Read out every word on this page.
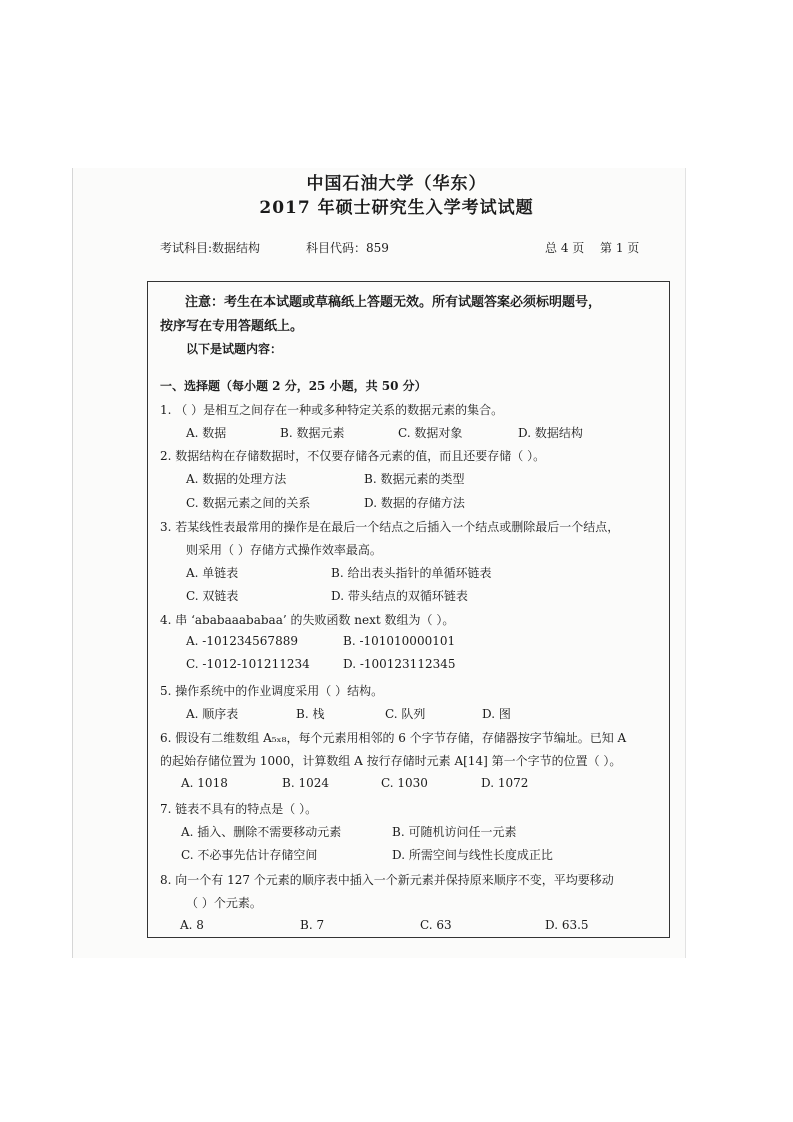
中国石油大学（华东）
2017 年硕士研究生入学考试试题
考试科目:数据结构	科目代码：859	总 4 页 第 1 页
注意：考生在本试题或草稿纸上答题无效。所有试题答案必须标明题号，
按序写在专用答题纸上。
以下是试题内容：
一、选择题（每小题 2 分，25 小题，共 50 分）
1. （ ）是相互之间存在一种或多种特定关系的数据元素的集合。
A. 数据	B. 数据元素	C. 数据对象	D. 数据结构
2. 数据结构在存储数据时，不仅要存储各元素的值，而且还要存储（ ）。
A. 数据的处理方法	B. 数据元素的类型
C. 数据元素之间的关系	D. 数据的存储方法
3. 若某线性表最常用的操作是在最后一个结点之后插入一个结点或删除最后一个结点，
则采用（ ）存储方式操作效率最高。
A. 单链表	B. 给出表头指针的单循环链表
C. 双链表	D. 带头结点的双循环链表
4. 串 ‘ababaaababaa’ 的失败函数 next 数组为（ ）。
A. -101234567889	B. -101010000101
C. -1012-101211234	D. -100123112345
5. 操作系统中的作业调度采用（ ）结构。
A. 顺序表	B. 栈	C. 队列	D. 图
6. 假设有二维数组 A₅ₓ₈，每个元素用相邻的 6 个字节存储，存储器按字节编址。已知 A
的起始存储位置为 1000，计算数组 A 按行存储时元素 A[14] 第一个字节的位置（ ）。
A. 1018	B. 1024	C. 1030	D. 1072
7. 链表不具有的特点是（ ）。
A. 插入、删除不需要移动元素	B. 可随机访问任一元素
C. 不必事先估计存储空间	D. 所需空间与线性长度成正比
8. 向一个有 127 个元素的顺序表中插入一个新元素并保持原来顺序不变，平均要移动
（ ）个元素。
A. 8	B. 7	C. 63	D. 63.5
